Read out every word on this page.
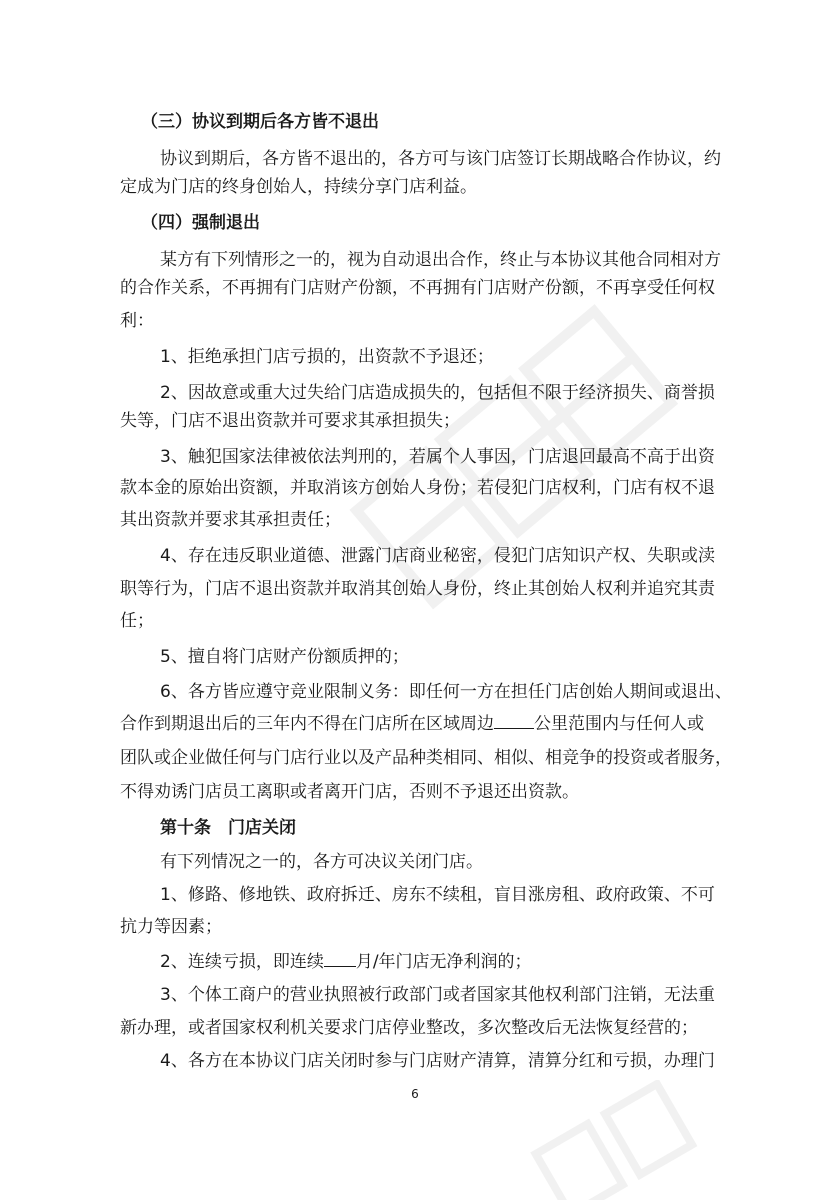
（三）协议到期后各方皆不退出
协议到期后，各方皆不退出的，各方可与该门店签订长期战略合作协议，约
定成为门店的终身创始人，持续分享门店利益。
（四）强制退出
某方有下列情形之一的，视为自动退出合作，终止与本协议其他合同相对方
的合作关系，不再拥有门店财产份额，不再拥有门店财产份额，不再享受任何权
利：
1、拒绝承担门店亏损的，出资款不予退还；
2、因故意或重大过失给门店造成损失的，包括但不限于经济损失、商誉损
失等，门店不退出资款并可要求其承担损失；
3、触犯国家法律被依法判刑的，若属个人事因，门店退回最高不高于出资
款本金的原始出资额，并取消该方创始人身份；若侵犯门店权利，门店有权不退
其出资款并要求其承担责任；
4、存在违反职业道德、泄露门店商业秘密，侵犯门店知识产权、失职或渎
职等行为，门店不退出资款并取消其创始人身份，终止其创始人权利并追究其责
任；
5、擅自将门店财产份额质押的；
6、各方皆应遵守竞业限制义务：即任何一方在担任门店创始人期间或退出、
合作到期退出后的三年内不得在门店所在区域周边 公里范围内与任何人或
团队或企业做任何与门店行业以及产品种类相同、相似、相竞争的投资或者服务，
不得劝诱门店员工离职或者离开门店，否则不予退还出资款。
第十条　门店关闭
有下列情况之一的，各方可决议关闭门店。
1、修路、修地铁、政府拆迁、房东不续租，盲目涨房租、政府政策、不可
抗力等因素；
2、连续亏损，即连续 月/年门店无净利润的；
3、个体工商户的营业执照被行政部门或者国家其他权利部门注销，无法重
新办理，或者国家权利机关要求门店停业整改，多次整改后无法恢复经营的；
4、各方在本协议门店关闭时参与门店财产清算，清算分红和亏损，办理门
6
